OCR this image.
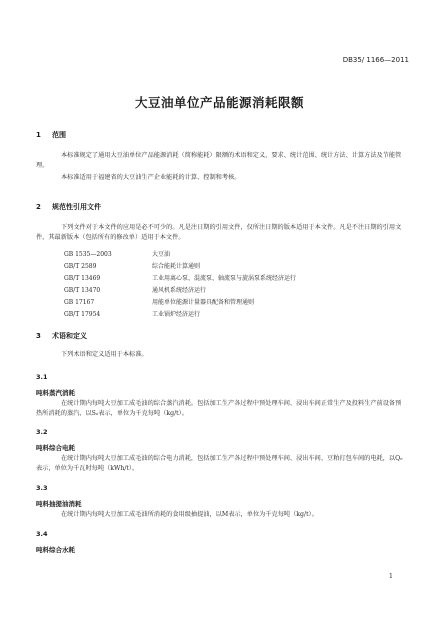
DB35/ 1166—2011
大豆油单位产品能源消耗限额
1 范围
本标准规定了通用大豆油单位产品能源消耗（简称能耗）限额的术语和定义、要求、统计范围、统计方法、计算方法及节能管理。
本标准适用于福建省的大豆油生产企业能耗的计算、控制和考核。
2 规范性引用文件
下列文件对于本文件的应用是必不可少的。凡是注日期的引用文件，仅所注日期的版本适用于本文件。凡是不注日期的引用文件，其最新版本（包括所有的修改单）适用于本文件。
GB 1535—2003	大豆油
GB/T 2589	综合能耗计算通则
GB/T 13469	工业用离心泵、混流泵、轴流泵与旋涡泵系统经济运行
GB/T 13470	通风机系统经济运行
GB 17167	用能单位能源计量器具配备和管理通则
GB/T 17954	工业锅炉经济运行
3 术语和定义
下列术语和定义适用于本标准。
3.1
吨料蒸汽消耗
在统计期内每吨大豆加工成毛油的综合蒸汽消耗。包括加工生产各过程中预处理车间、浸出车间正常生产及投料生产前设备预热所消耗的蒸汽，以Sₒ表示，单位为千克每吨（kg/t）。
3.2
吨料综合电耗
在统计期内每吨大豆加工成毛油的综合电力消耗，包括加工生产各过程中预处理车间、浸出车间、豆粕打包车间的电耗，以Qₑ表示，单位为千瓦时每吨（kWh/t）。
3.3
吨料抽提油消耗
在统计期内每吨大豆加工成毛油所消耗的食用级抽提油，以M表示，单位为千克每吨（kg/t）。
3.4
吨料综合水耗
1
